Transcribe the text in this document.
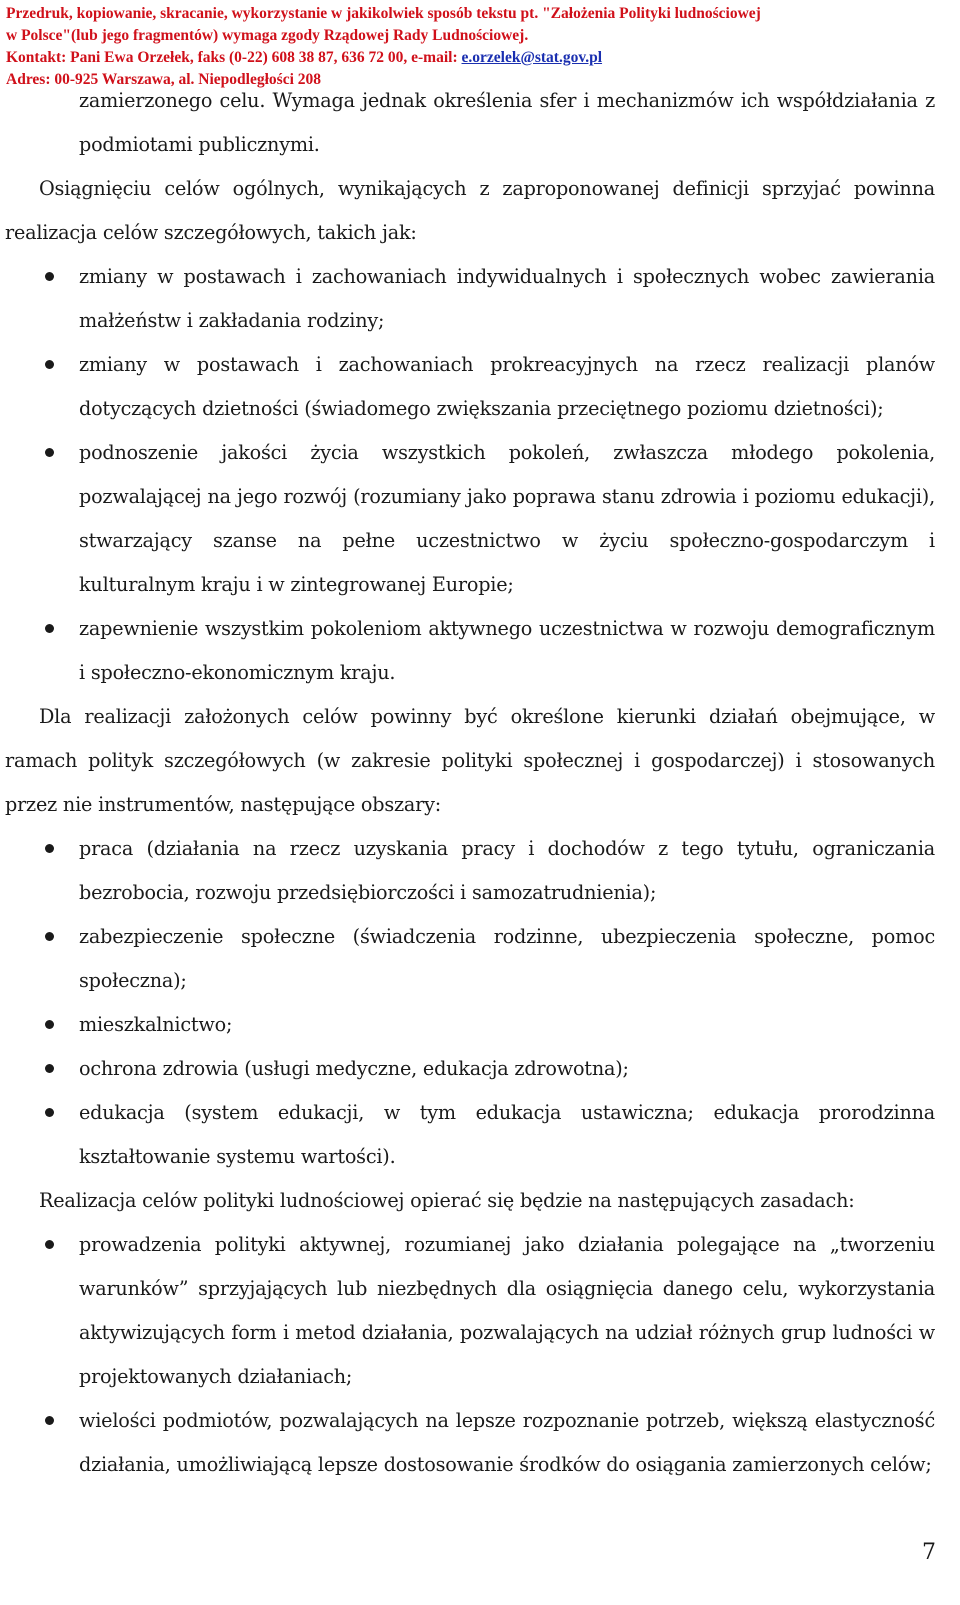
Przedruk, kopiowanie, skracanie, wykorzystanie w jakikolwiek sposób tekstu pt. "Założenia Polityki ludnościowej
w Polsce"(lub jego fragmentów) wymaga zgody Rządowej Rady Ludnościowej.
Kontakt: Pani Ewa Orzełek, faks (0-22) 608 38 87, 636 72 00, e-mail: e.orzelek@stat.gov.pl
Adres: 00-925 Warszawa, al. Niepodległości 208

zamierzonego celu. Wymaga jednak określenia sfer i mechanizmów ich współdziałania z podmiotami publicznymi.

Osiągnięciu celów ogólnych, wynikających z zaproponowanej definicji sprzyjać powinna realizacja celów szczegółowych, takich jak:

zmiany w postawach i zachowaniach indywidualnych i społecznych wobec zawierania małżeństw i zakładania rodziny;
zmiany w postawach i zachowaniach prokreacyjnych na rzecz realizacji planów dotyczących dzietności (świadomego zwiększania przeciętnego poziomu dzietności);
podnoszenie jakości życia wszystkich pokoleń, zwłaszcza młodego pokolenia, pozwalającej na jego rozwój (rozumiany jako poprawa stanu zdrowia i poziomu edukacji), stwarzający szanse na pełne uczestnictwo w życiu społeczno-gospodarczym i kulturalnym kraju i w zintegrowanej Europie;
zapewnienie wszystkim pokoleniom aktywnego uczestnictwa w rozwoju demograficznym i społeczno-ekonomicznym kraju.

Dla realizacji założonych celów powinny być określone kierunki działań obejmujące, w ramach polityk szczegółowych (w zakresie polityki społecznej i gospodarczej) i stosowanych przez nie instrumentów, następujące obszary:

praca (działania na rzecz uzyskania pracy i dochodów z tego tytułu, ograniczania bezrobocia, rozwoju przedsiębiorczości i samozatrudnienia);
zabezpieczenie społeczne (świadczenia rodzinne, ubezpieczenia społeczne, pomoc społeczna);
mieszkalnictwo;
ochrona zdrowia (usługi medyczne, edukacja zdrowotna);
edukacja (system edukacji, w tym edukacja ustawiczna; edukacja prorodzinna kształtowanie systemu wartości).

Realizacja celów polityki ludnościowej opierać się będzie na następujących zasadach:

prowadzenia polityki aktywnej, rozumianej jako działania polegające na „tworzeniu warunków” sprzyjających lub niezbędnych dla osiągnięcia danego celu, wykorzystania aktywizujących form i metod działania, pozwalających na udział różnych grup ludności w projektowanych działaniach;
wielości podmiotów, pozwalających na lepsze rozpoznanie potrzeb, większą elastyczność działania, umożliwiającą lepsze dostosowanie środków do osiągania zamierzonych celów;
7
